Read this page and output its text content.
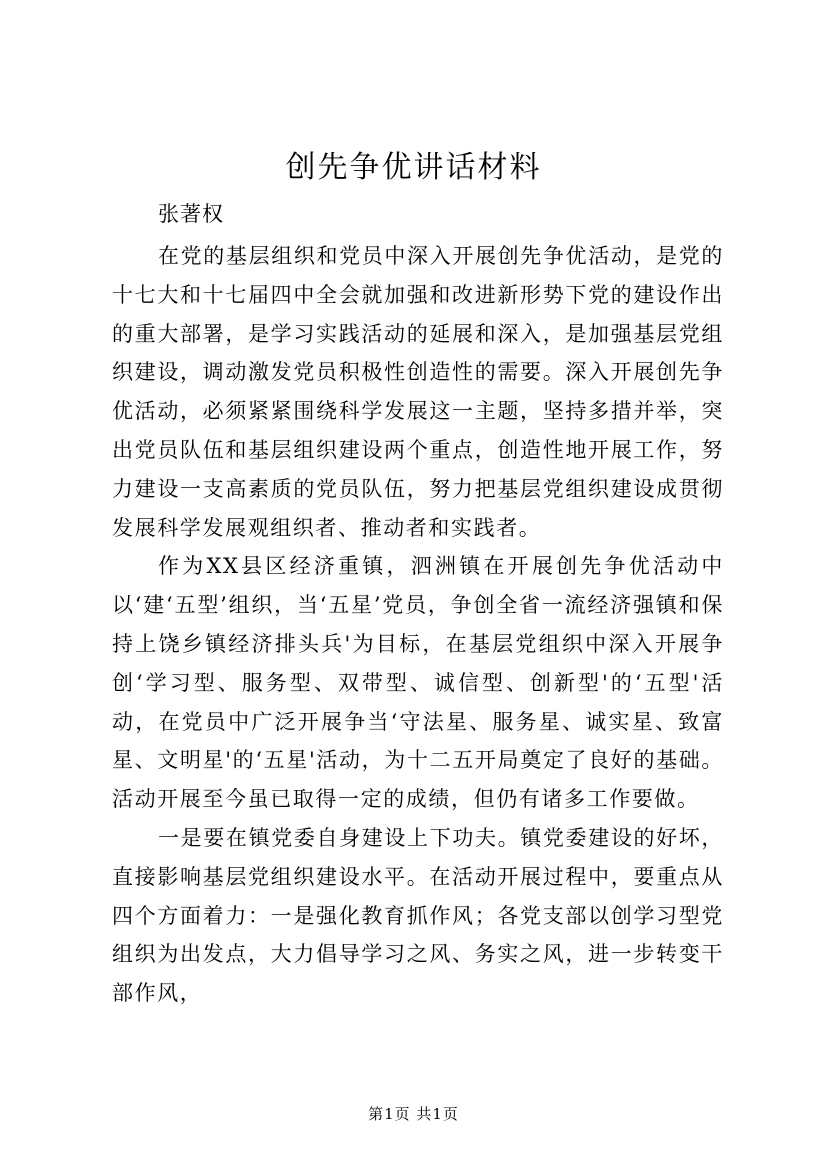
创先争优讲话材料
张著权

在党的基层组织和党员中深入开展创先争优活动，是党的十七大和十七届四中全会就加强和改进新形势下党的建设作出的重大部署，是学习实践活动的延展和深入，是加强基层党组织建设，调动激发党员积极性创造性的需要。深入开展创先争优活动，必须紧紧围绕科学发展这一主题，坚持多措并举，突出党员队伍和基层组织建设两个重点，创造性地开展工作，努力建设一支高素质的党员队伍，努力把基层党组织建设成贯彻发展科学发展观组织者、推动者和实践者。

作为XX县区经济重镇，泗洲镇在开展创先争优活动中以‘建‘五型’组织，当‘五星’党员，争创全省一流经济强镇和保持上饶乡镇经济排头兵'为目标，在基层党组织中深入开展争创‘学习型、服务型、双带型、诚信型、创新型'的‘五型'活动，在党员中广泛开展争当‘守法星、服务星、诚实星、致富星、文明星'的‘五星'活动，为十二五开局奠定了良好的基础。活动开展至今虽已取得一定的成绩，但仍有诸多工作要做。

一是要在镇党委自身建设上下功夫。镇党委建设的好坏，直接影响基层党组织建设水平。在活动开展过程中，要重点从四个方面着力：一是强化教育抓作风；各党支部以创学习型党组织为出发点，大力倡导学习之风、务实之风，进一步转变干部作风，

第1页 共1页
